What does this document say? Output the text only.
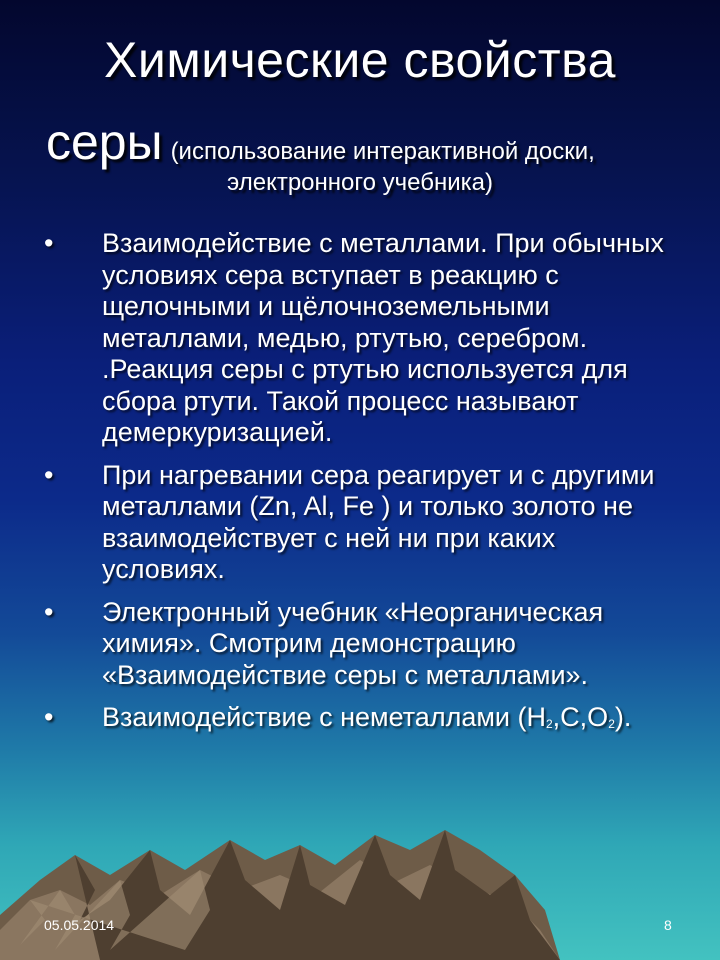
Химические свойства
серы (использование интерактивной доски,
электронного учебника)
• Взаимодействие с металлами. При обычных условиях сера вступает в реакцию с щелочными и щёлочноземельными металлами, медью, ртутью, серебром. .Реакция серы с ртутью используется для сбора ртути. Такой процесс называют демеркуризацией.
• При нагревании сера реагирует и с другими металлами (Zn, Al, Fe ) и только золото не взаимодействует с ней ни при каких условиях.
• Электронный учебник «Неорганическая химия». Смотрим демонстрацию «Взаимодействие серы с металлами».
• Взаимодействие с неметаллами (H2,C,O2).
05.05.2014	8
